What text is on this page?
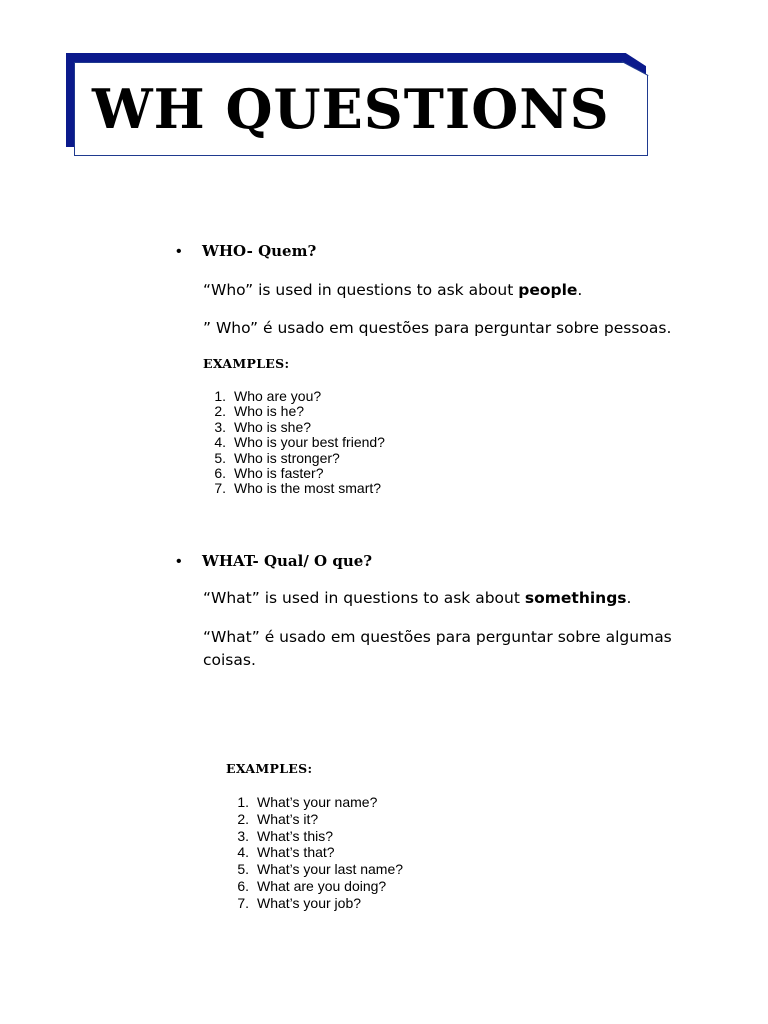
WH QUESTIONS
•	WHO- Quem?

“Who” is used in questions to ask about people.

” Who” é usado em questões para perguntar sobre pessoas.

EXAMPLES:

1. Who are you?
2. Who is he?
3. Who is she?
4. Who is your best friend?
5. Who is stronger?
6. Who is faster?
7. Who is the most smart?
•	WHAT- Qual/ O que?

“What” is used in questions to ask about somethings.

“What” é usado em questões para perguntar sobre algumas coisas.

EXAMPLES:

1. What’s your name?
2. What’s it?
3. What’s this?
4. What’s that?
5. What’s your last name?
6. What are you doing?
7. What’s your job?
